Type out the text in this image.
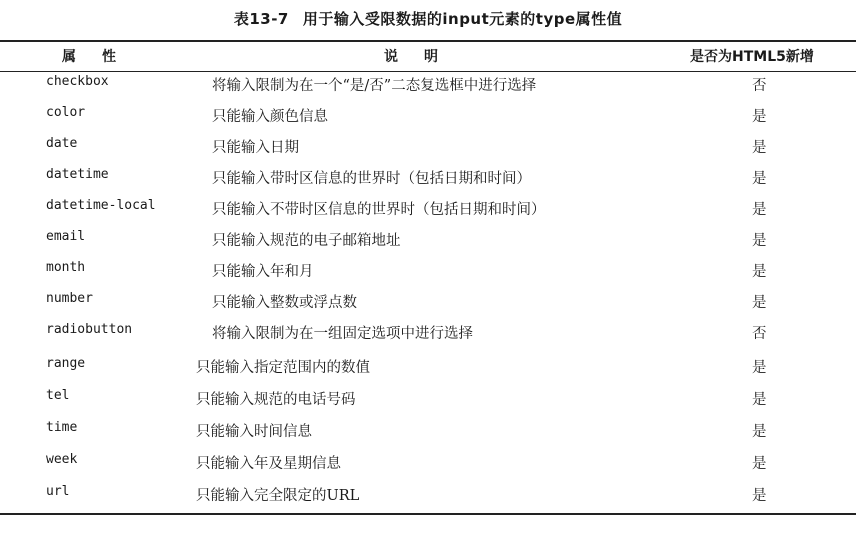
表13-7 用于输入受限数据的input元素的type属性值
属性	说明	是否为HTML5新增
checkbox	将输入限制为在一个“是/否”二态复选框中进行选择	否
color	只能输入颜色信息	是
date	只能输入日期	是
datetime	只能输入带时区信息的世界时（包括日期和时间）	是
datetime-local	只能输入不带时区信息的世界时（包括日期和时间）	是
email	只能输入规范的电子邮箱地址	是
month	只能输入年和月	是
number	只能输入整数或浮点数	是
radiobutton	将输入限制为在一组固定选项中进行选择	否
range	只能输入指定范围内的数值	是
tel	只能输入规范的电话号码	是
time	只能输入时间信息	是
week	只能输入年及星期信息	是
url	只能输入完全限定的URL	是
